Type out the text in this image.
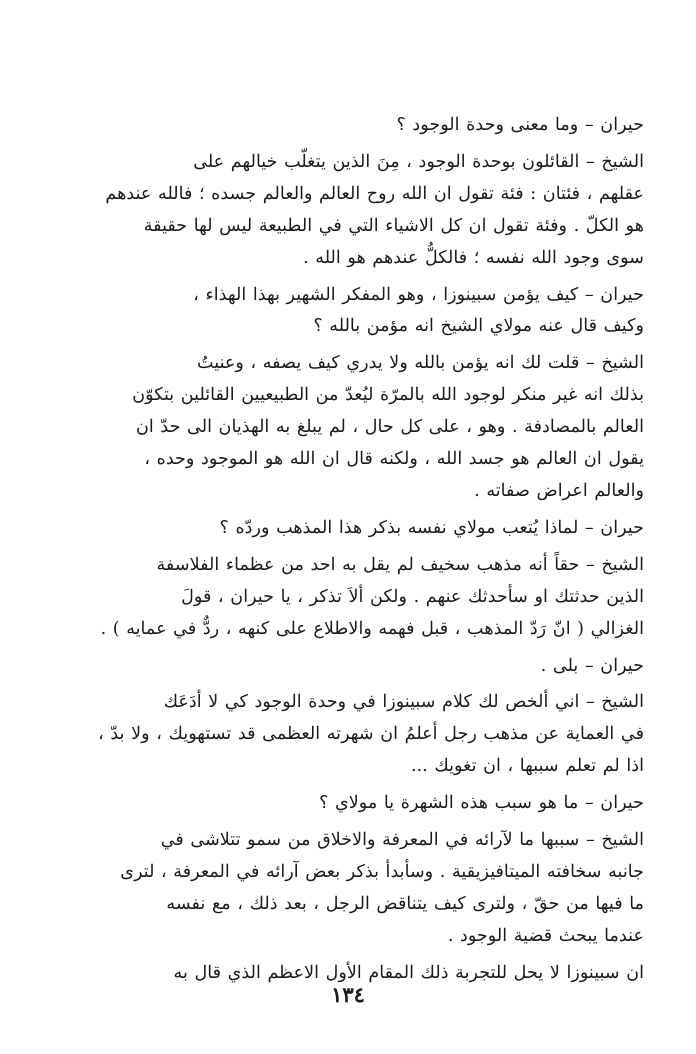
حيران – وما معنى وحدة الوجود ؟

الشيخ – القائلون بوحدة الوجود ، مِنَ الذين يتغلّب خيالهم على
عقلهم ، فئتان : فئة تقول ان الله روح العالم والعالم جسده ؛ فالله عندهم
هو الكلّ . وفئة تقول ان كل الاشياء التي في الطبيعة ليس لها حقيقة
سوى وجود الله نفسه ؛ فالكلُّ عندهم هو الله .

حيران – كيف يؤمن سبينوزا ، وهو المفكر الشهير بهذا الهذاء ،
وكيف قال عنه مولاي الشيخ انه مؤمن بالله ؟

الشيخ – قلت لك انه يؤمن بالله ولا يدري كيف يصفه ، وعنيتُ
بذلك انه غير منكر لوجود الله بالمرّة ليُعدّ من الطبيعيين القائلين بتكوّن
العالم بالمصادفة . وهو ، على كل حال ، لم يبلغ به الهذيان الى حدّ ان
يقول ان العالم هو جسد الله ، ولكنه قال ان الله هو الموجود وحده ،
والعالم اعراض صفاته .

حيران – لماذا يُتعب مولاي نفسه بذكر هذا المذهب وردّه ؟

الشيخ – حقاً أنه مذهب سخيف لم يقل به احد من عظماء الفلاسفة
الذين حدثتك او سأحدثك عنهم . ولكن ألاَ تذكر ، يا حيران ، قولَ
الغزالي ( انّ رَدّ المذهب ، قبل فهمه والاطلاع على كنهه ، ردٌّ في عمايه ) .

حيران – بلى .

الشيخ – اني ألخص لك كلام سبينوزا في وحدة الوجود كي لا أدَعَك
في العماية عن مذهب رجل أعلمُ ان شهرته العظمى قد تستهويك ، ولا بدّ ،
اذا لم تعلم سببها ، ان تغويك ...

حيران – ما هو سبب هذه الشهرة يا مولاي ؟

الشيخ – سببها ما لآرائه في المعرفة والاخلاق من سمو تتلاشى في
جانبه سخافته الميتافيزيقية . وسأبدأ بذكر بعض آرائه في المعرفة ، لترى
ما فيها من حقّ ، ولترى كيف يتناقض الرجل ، بعد ذلك ، مع نفسه
عندما يبحث قضية الوجود .

ان سبينوزا لا يحل للتجربة ذلك المقام الأول الاعظم الذي قال به

١٣٤
